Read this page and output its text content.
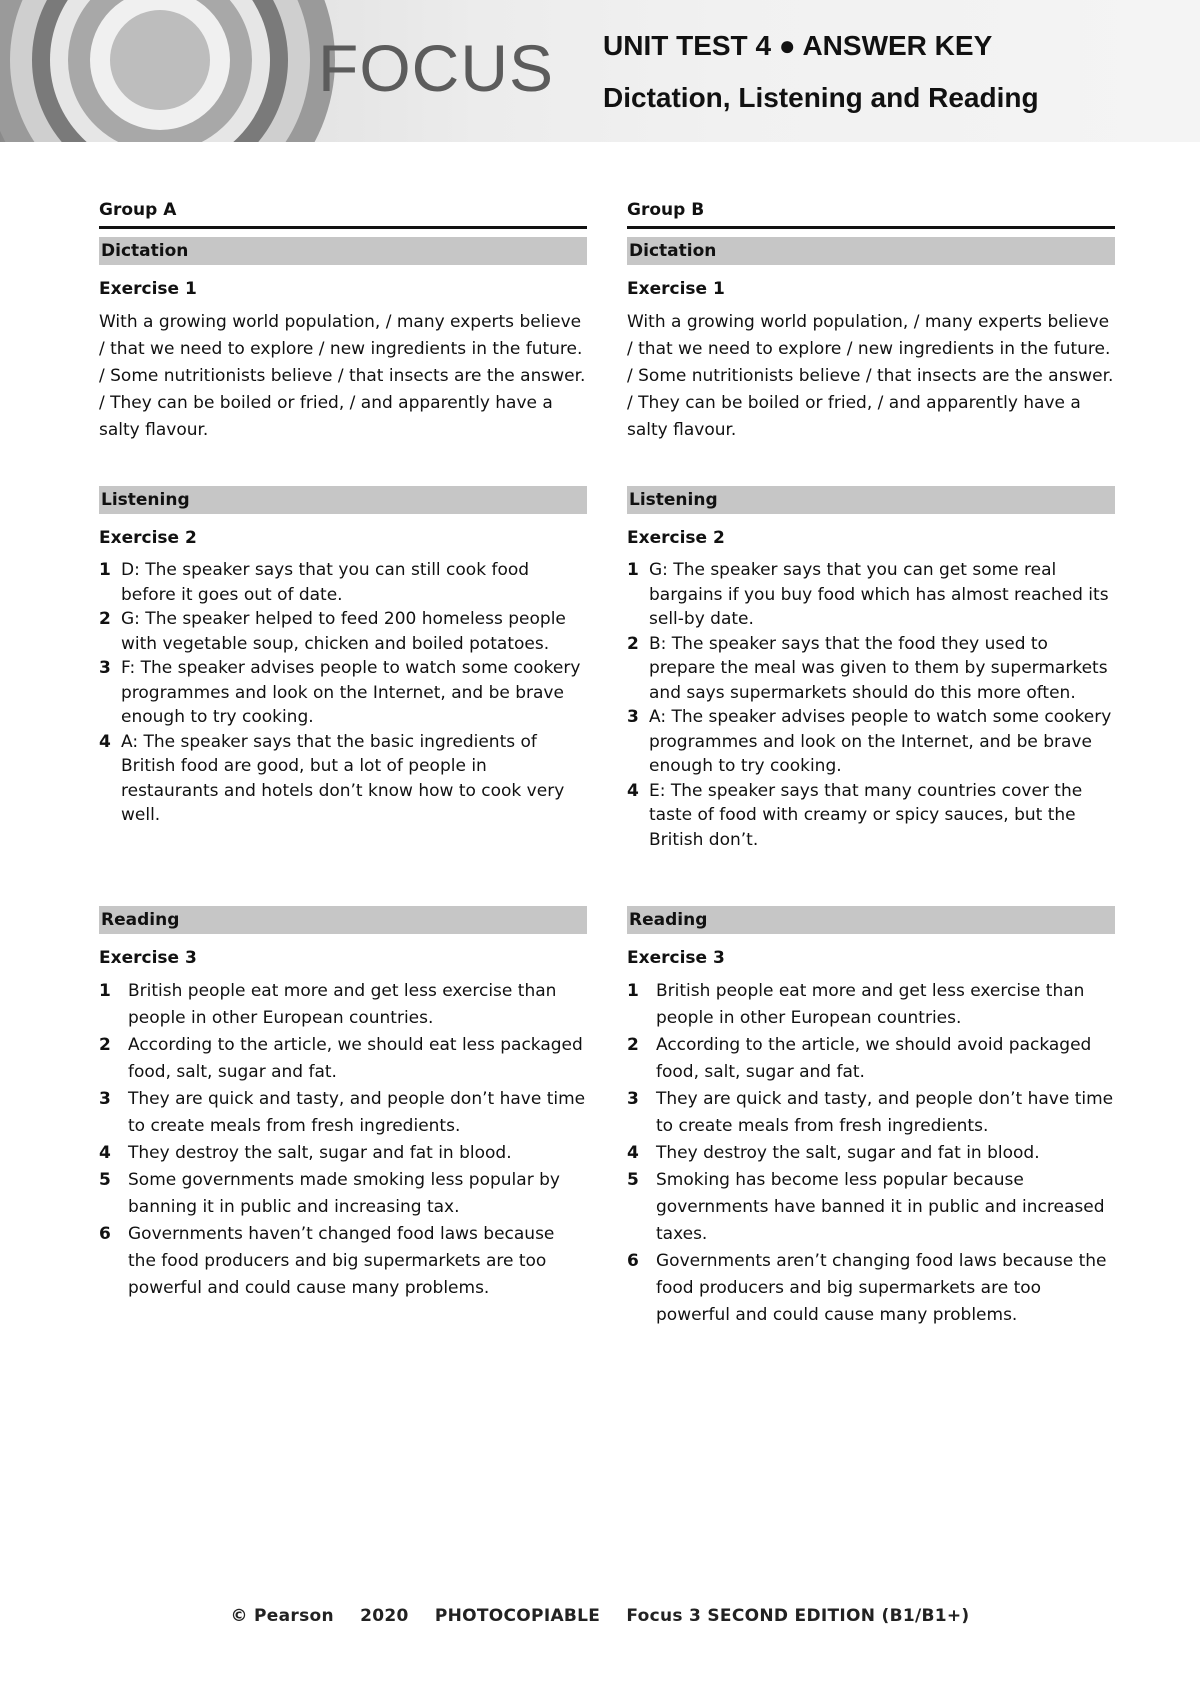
FOCUS UNIT TEST 4 ● ANSWER KEY
Dictation, Listening and Reading
Group A
Dictation
Exercise 1

With a growing world population, / many experts believe / that we need to explore / new ingredients in the future. / Some nutritionists believe / that insects are the answer. / They can be boiled or fried, / and apparently have a salty flavour.

Listening
Exercise 2
1 D: The speaker says that you can still cook food before it goes out of date.
2 G: The speaker helped to feed 200 homeless people with vegetable soup, chicken and boiled potatoes.
3 F: The speaker advises people to watch some cookery programmes and look on the Internet, and be brave enough to try cooking.
4 A: The speaker says that the basic ingredients of British food are good, but a lot of people in restaurants and hotels don’t know how to cook very well.
Reading
Exercise 3
1 British people eat more and get less exercise than people in other European countries.
2 According to the article, we should eat less packaged food, salt, sugar and fat.
3 They are quick and tasty, and people don’t have time to create meals from fresh ingredients.
4 They destroy the salt, sugar and fat in blood.
5 Some governments made smoking less popular by banning it in public and increasing tax.
6 Governments haven’t changed food laws because the food producers and big supermarkets are too powerful and could cause many problems.
Group B
Dictation
Exercise 1

With a growing world population, / many experts believe / that we need to explore / new ingredients in the future. / Some nutritionists believe / that insects are the answer. / They can be boiled or fried, / and apparently have a salty flavour.

Listening
Exercise 2
1 G: The speaker says that you can get some real bargains if you buy food which has almost reached its sell-by date.
2 B: The speaker says that the food they used to prepare the meal was given to them by supermarkets and says supermarkets should do this more often.
3 A: The speaker advises people to watch some cookery programmes and look on the Internet, and be brave enough to try cooking.
4 E: The speaker says that many countries cover the taste of food with creamy or spicy sauces, but the British don’t.
Reading
Exercise 3
1 British people eat more and get less exercise than people in other European countries.
2 According to the article, we should avoid packaged food, salt, sugar and fat.
3 They are quick and tasty, and people don’t have time to create meals from fresh ingredients.
4 They destroy the salt, sugar and fat in blood.
5 Smoking has become less popular because governments have banned it in public and increased taxes.
6 Governments aren’t changing food laws because the food producers and big supermarkets are too powerful and could cause many problems.
© Pearson 2020 PHOTOCOPIABLE Focus 3 SECOND EDITION (B1/B1+)
